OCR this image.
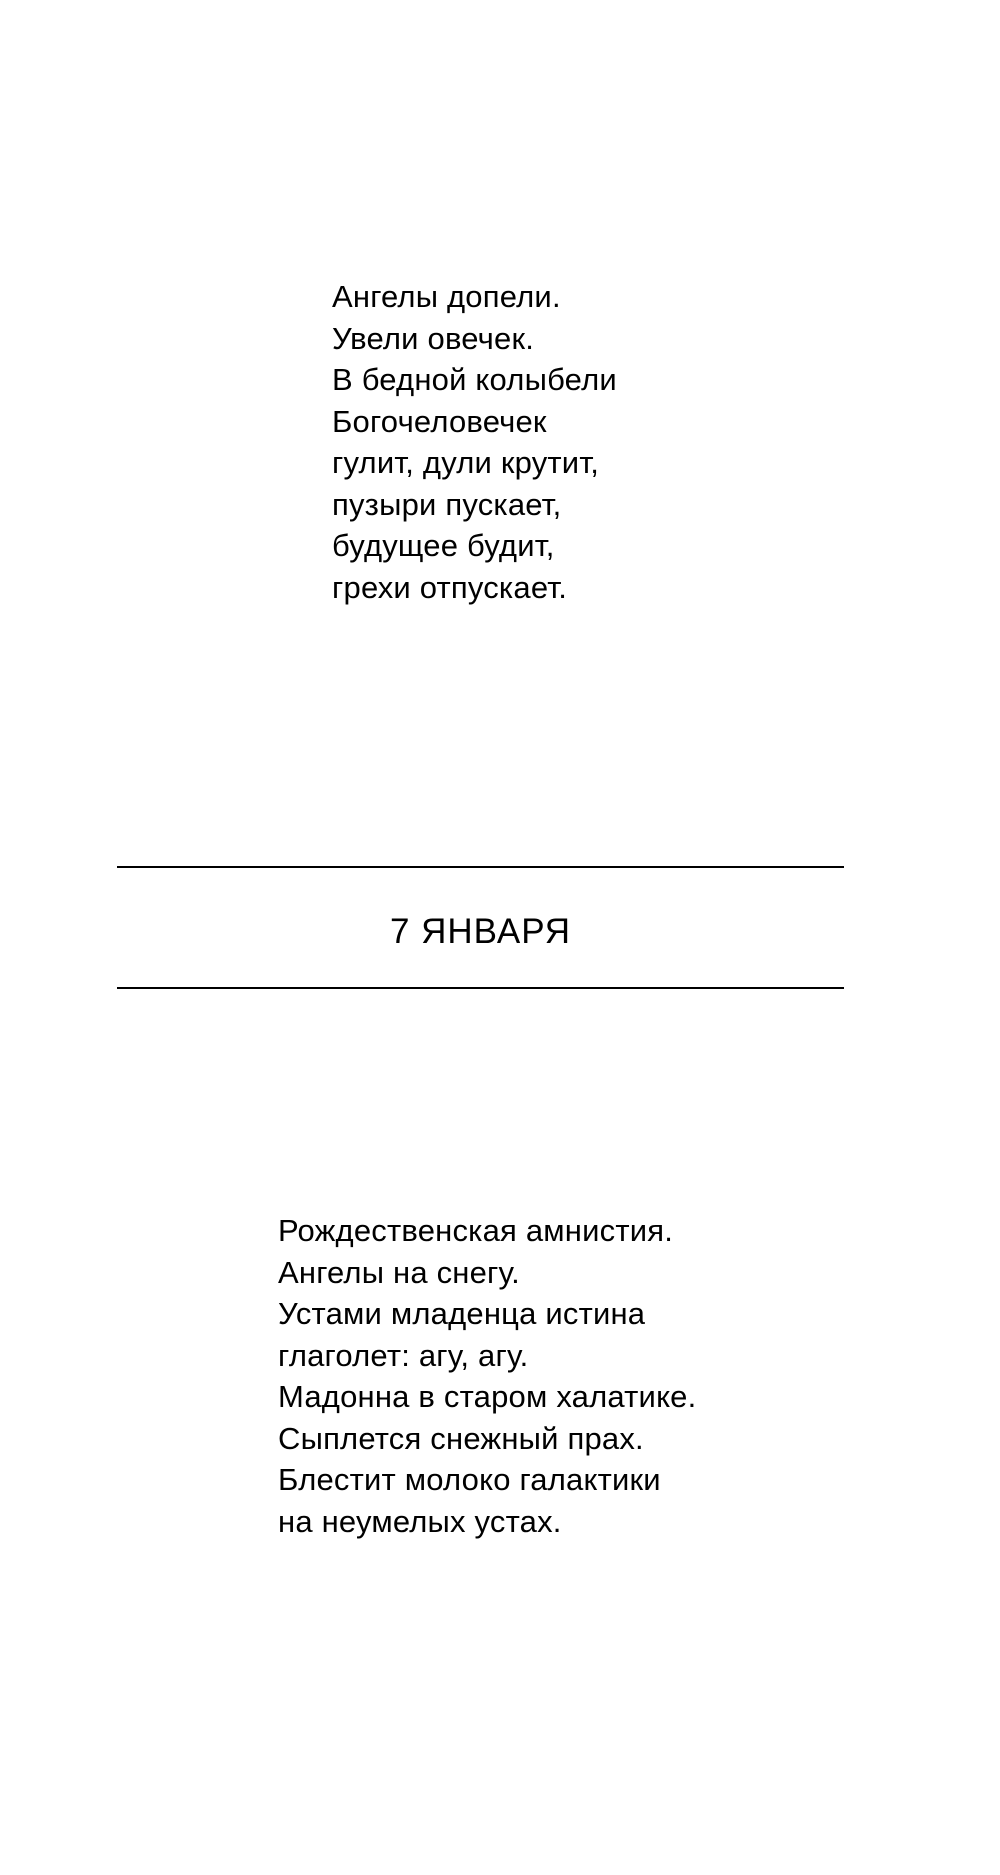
Ангелы допели.
Увели овечек.
В бедной колыбели
Богочеловечек
гулит, дули крутит,
пузыри пускает,
будущее будит,
грехи отпускает.
7 ЯНВАРЯ
Рождественская амнистия.
Ангелы на снегу.
Устами младенца истина
глаголет: агу, агу.
Мадонна в старом халатике.
Сыплется снежный прах.
Блестит молоко галактики
на неумелых устах.
